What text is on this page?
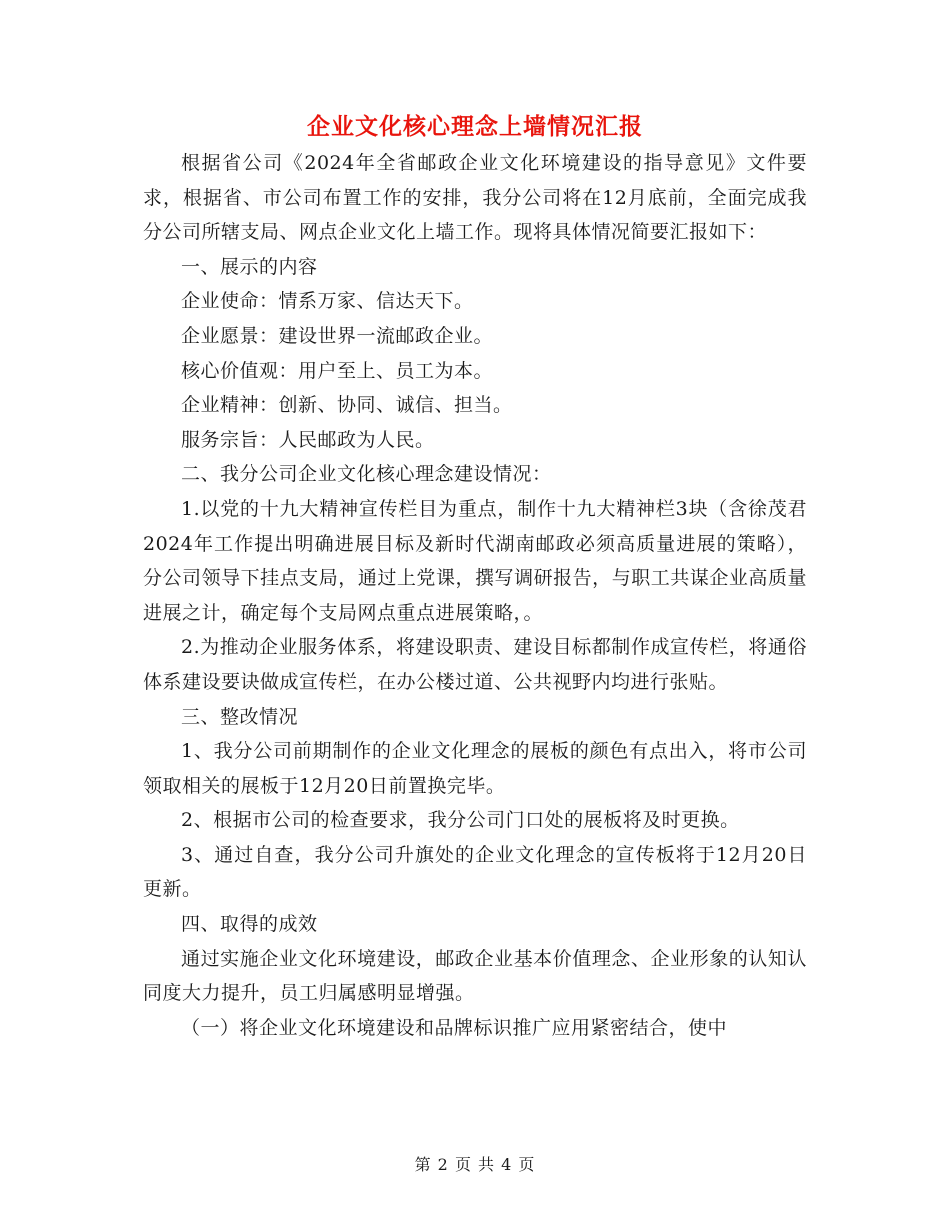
企业文化核心理念上墙情况汇报

根据省公司《2024年全省邮政企业文化环境建设的指导意见》文件要求，根据省、市公司布置工作的安排，我分公司将在12月底前，全面完成我分公司所辖支局、网点企业文化上墙工作。现将具体情况简要汇报如下：

一、展示的内容

企业使命：情系万家、信达天下。

企业愿景：建设世界一流邮政企业。

核心价值观：用户至上、员工为本。

企业精神：创新、协同、诚信、担当。

服务宗旨：人民邮政为人民。

二、我分公司企业文化核心理念建设情况：

1.以党的十九大精神宣传栏目为重点，制作十九大精神栏3块（含徐茂君2024年工作提出明确进展目标及新时代湖南邮政必须高质量进展的策略），分公司领导下挂点支局，通过上党课，撰写调研报告，与职工共谋企业高质量进展之计，确定每个支局网点重点进展策略，。

2.为推动企业服务体系，将建设职责、建设目标都制作成宣传栏，将通俗体系建设要诀做成宣传栏，在办公楼过道、公共视野内均进行张贴。

三、整改情况

1、我分公司前期制作的企业文化理念的展板的颜色有点出入，将市公司领取相关的展板于12月20日前置换完毕。

2、根据市公司的检查要求，我分公司门口处的展板将及时更换。

3、通过自查，我分公司升旗处的企业文化理念的宣传板将于12月20日更新。

四、取得的成效

通过实施企业文化环境建设，邮政企业基本价值理念、企业形象的认知认同度大力提升，员工归属感明显增强。

（一）将企业文化环境建设和品牌标识推广应用紧密结合，使中

第 2 页 共 4 页
